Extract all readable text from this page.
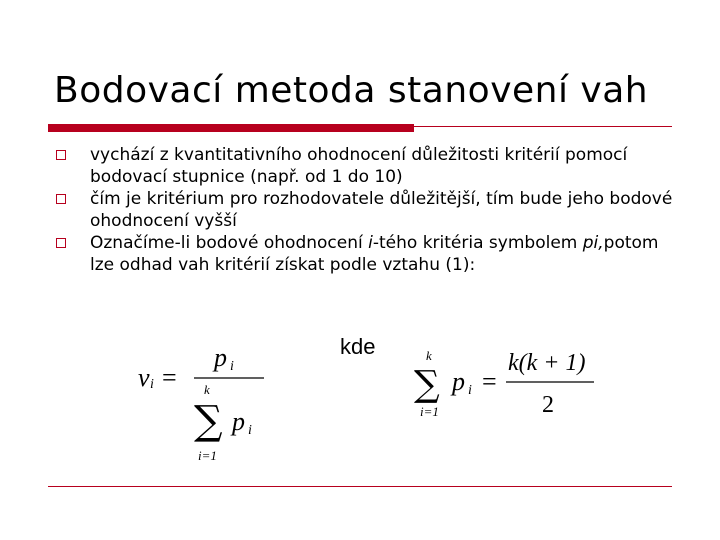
Bodovací metoda stanovení vah
vychází z kvantitativního ohodnocení důležitosti kritérií pomocí bodovací stupnice (např. od 1 do 10)
čím je kritérium pro rozhodovatele důležitější, tím bude jeho bodové ohodnocení vyšší
Označíme-li bodové ohodnocení i-tého kritéria symbolem pi,potom lze odhad vah kritérií získat podle vztahu (1):
kde
v i =
p i
k
∑ p i
i=1
k
∑ p i =
k(k + 1)
2
i=1
